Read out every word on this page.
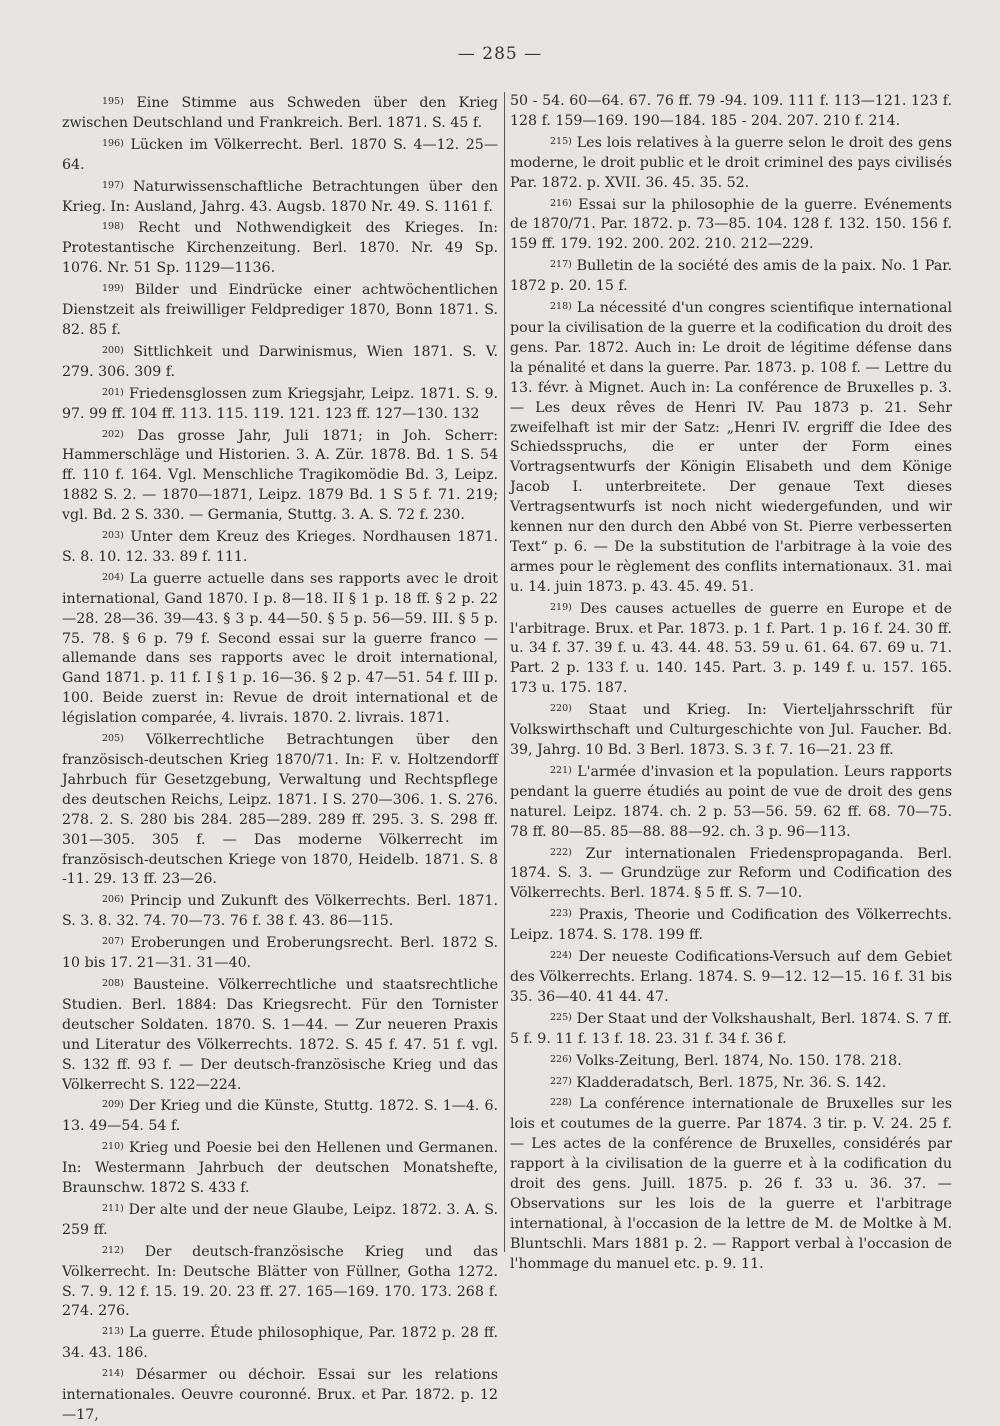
— 285 —

$^{195)}$ Eine Stimme aus Schweden über den Krieg zwischen Deutschland und Frankreich. Berl. 1871. S. 45 f.

$^{196)}$ Lücken im Völkerrecht. Berl. 1870 S. 4—12. 25—64.

$^{197)}$ Naturwissenschaftliche Betrachtungen über den Krieg. In: Ausland, Jahrg. 43. Augsb. 1870 Nr. 49. S. 1161 f.

$^{198)}$ Recht und Nothwendigkeit des Krieges. In: Protestantische Kirchenzeitung. Berl. 1870. Nr. 49 Sp. 1076. Nr. 51 Sp. 1129—1136.

$^{199)}$ Bilder und Eindrücke einer achtwöchentlichen Dienstzeit als freiwilliger Feldprediger 1870, Bonn 1871. S. 82. 85 f.

$^{200)}$ Sittlichkeit und Darwinismus, Wien 1871. S. V. 279. 306. 309 f.

$^{201)}$ Friedensglossen zum Kriegsjahr, Leipz. 1871. S. 9. 97. 99 ff. 104 ff. 113. 115. 119. 121. 123 ff. 127—130. 132

$^{202)}$ Das grosse Jahr, Juli 1871; in Joh. Scherr: Hammerschläge und Historien. 3. A. Zür. 1878. Bd. 1 S. 54 ff. 110 f. 164. Vgl. Menschliche Tragikomödie Bd. 3, Leipz. 1882 S. 2. — 1870—1871, Leipz. 1879 Bd. 1 S 5 f. 71. 219; vgl. Bd. 2 S. 330. — Germania, Stuttg. 3. A. S. 72 f. 230.

$^{203)}$ Unter dem Kreuz des Krieges. Nordhausen 1871. S. 8. 10. 12. 33. 89 f. 111.

$^{204)}$ La guerre actuelle dans ses rapports avec le droit international, Gand 1870. I p. 8—18. II § 1 p. 18 ff. § 2 p. 22—28. 28—36. 39—43. § 3 p. 44—50. § 5 p. 56—59. III. § 5 p. 75. 78. § 6 p. 79 f. Second essai sur la guerre franco — allemande dans ses rapports avec le droit international, Gand 1871. p. 11 f. I § 1 p. 16—36. § 2 p. 47—51. 54 f. III p. 100. Beide zuerst in: Revue de droit international et de législation comparée, 4. livrais. 1870. 2. livrais. 1871.

$^{205)}$ Völkerrechtliche Betrachtungen über den französisch-deutschen Krieg 1870/71. In: F. v. Holtzendorff Jahrbuch für Gesetzgebung, Verwaltung und Rechtspflege des deutschen Reichs, Leipz. 1871. I S. 270—306. 1. S. 276. 278. 2. S. 280 bis 284. 285—289. 289 ff. 295. 3. S. 298 ff. 301—305. 305 f. — Das moderne Völkerrecht im französisch-deutschen Kriege von 1870, Heidelb. 1871. S. 8 -11. 29. 13 ff. 23—26.

$^{206)}$ Princip und Zukunft des Völkerrechts. Berl. 1871. S. 3. 8. 32. 74. 70—73. 76 f. 38 f. 43. 86—115.

$^{207)}$ Eroberungen und Eroberungsrecht. Berl. 1872 S. 10 bis 17. 21—31. 31—40.

$^{208)}$ Bausteine. Völkerrechtliche und staatsrechtliche Studien. Berl. 1884: Das Kriegsrecht. Für den Tornister deutscher Soldaten. 1870. S. 1—44. — Zur neueren Praxis und Literatur des Völkerrechts. 1872. S. 45 f. 47. 51 f. vgl. S. 132 ff. 93 f. — Der deutsch-französische Krieg und das Völkerrecht S. 122—224.

$^{209)}$ Der Krieg und die Künste, Stuttg. 1872. S. 1—4. 6. 13. 49—54. 54 f.

$^{210)}$ Krieg und Poesie bei den Hellenen und Germanen. In: Westermann Jahrbuch der deutschen Monatshefte, Braunschw. 1872 S. 433 f.

$^{211)}$ Der alte und der neue Glaube, Leipz. 1872. 3. A. S. 259 ff.

$^{212)}$ Der deutsch-französische Krieg und das Völkerrecht. In: Deutsche Blätter von Füllner, Gotha 1272. S. 7. 9. 12 f. 15. 19. 20. 23 ff. 27. 165—169. 170. 173. 268 f. 274. 276.

$^{213)}$ La guerre. Étude philosophique, Par. 1872 p. 28 ff. 34. 43. 186.

$^{214)}$ Désarmer ou déchoir. Essai sur les relations internationales. Oeuvre couronné. Brux. et Par. 1872. p. 12—17,

50 - 54. 60—64. 67. 76 ff. 79 -94. 109. 111 f. 113—121. 123 f. 128 f. 159—169. 190—184. 185 - 204. 207. 210 f. 214.

$^{215)}$ Les lois relatives à la guerre selon le droit des gens moderne, le droit public et le droit criminel des pays civilisés Par. 1872. p. XVII. 36. 45. 35. 52.

$^{216)}$ Essai sur la philosophie de la guerre. Evénements de 1870/71. Par. 1872. p. 73—85. 104. 128 f. 132. 150. 156 f. 159 ff. 179. 192. 200. 202. 210. 212—229.

$^{217)}$ Bulletin de la société des amis de la paix. No. 1 Par. 1872 p. 20. 15 f.

$^{218)}$ La nécessité d'un congres scientifique international pour la civilisation de la guerre et la codification du droit des gens. Par. 1872. Auch in: Le droit de légitime défense dans la pénalité et dans la guerre. Par. 1873. p. 108 f. — Lettre du 13. févr. à Mignet. Auch in: La conférence de Bruxelles p. 3. — Les deux rêves de Henri IV. Pau 1873 p. 21. Sehr zweifelhaft ist mir der Satz: „Henri IV. ergriff die Idee des Schiedsspruchs, die er unter der Form eines Vortragsentwurfs der Königin Elisabeth und dem Könige Jacob I. unterbreitete. Der genaue Text dieses Vertragsentwurfs ist noch nicht wiedergefunden, und wir kennen nur den durch den Abbé von St. Pierre verbesserten Text“ p. 6. — De la substitution de l'arbitrage à la voie des armes pour le règlement des conflits internationaux. 31. mai u. 14. juin 1873. p. 43. 45. 49. 51.

$^{219)}$ Des causes actuelles de guerre en Europe et de l'arbitrage. Brux. et Par. 1873. p. 1 f. Part. 1 p. 16 f. 24. 30 ff. u. 34 f. 37. 39 f. u. 43. 44. 48. 53. 59 u. 61. 64. 67. 69 u. 71. Part. 2 p. 133 f. u. 140. 145. Part. 3. p. 149 f. u. 157. 165. 173 u. 175. 187.

$^{220)}$ Staat und Krieg. In: Vierteljahrsschrift für Volkswirthschaft und Culturgeschichte von Jul. Faucher. Bd. 39, Jahrg. 10 Bd. 3 Berl. 1873. S. 3 f. 7. 16—21. 23 ff.

$^{221)}$ L'armée d'invasion et la population. Leurs rapports pendant la guerre étudiés au point de vue de droit des gens naturel. Leipz. 1874. ch. 2 p. 53—56. 59. 62 ff. 68. 70—75. 78 ff. 80—85. 85—88. 88—92. ch. 3 p. 96—113.

$^{222)}$ Zur internationalen Friedenspropaganda. Berl. 1874. S. 3. — Grundzüge zur Reform und Codification des Völkerrechts. Berl. 1874. § 5 ff. S. 7—10.

$^{223)}$ Praxis, Theorie und Codification des Völkerrechts. Leipz. 1874. S. 178. 199 ff.

$^{224)}$ Der neueste Codifications-Versuch auf dem Gebiet des Völkerrechts. Erlang. 1874. S. 9—12. 12—15. 16 f. 31 bis 35. 36—40. 41 44. 47.

$^{225)}$ Der Staat und der Volkshaushalt, Berl. 1874. S. 7 ff. 5 f. 9. 11 f. 13 f. 18. 23. 31 f. 34 f. 36 f.

$^{226)}$ Volks-Zeitung, Berl. 1874, No. 150. 178. 218.

$^{227)}$ Kladderadatsch, Berl. 1875, Nr. 36. S. 142.

$^{228)}$ La conférence internationale de Bruxelles sur les lois et coutumes de la guerre. Par 1874. 3 tir. p. V. 24. 25 f. — Les actes de la conférence de Bruxelles, considérés par rapport à la civilisation de la guerre et à la codification du droit des gens. Juill. 1875. p. 26 f. 33 u. 36. 37. — Observations sur les lois de la guerre et l'arbitrage international, à l'occasion de la lettre de M. de Moltke à M. Bluntschli. Mars 1881 p. 2. — Rapport verbal à l'occasion de l'hommage du manuel etc. p. 9. 11.
